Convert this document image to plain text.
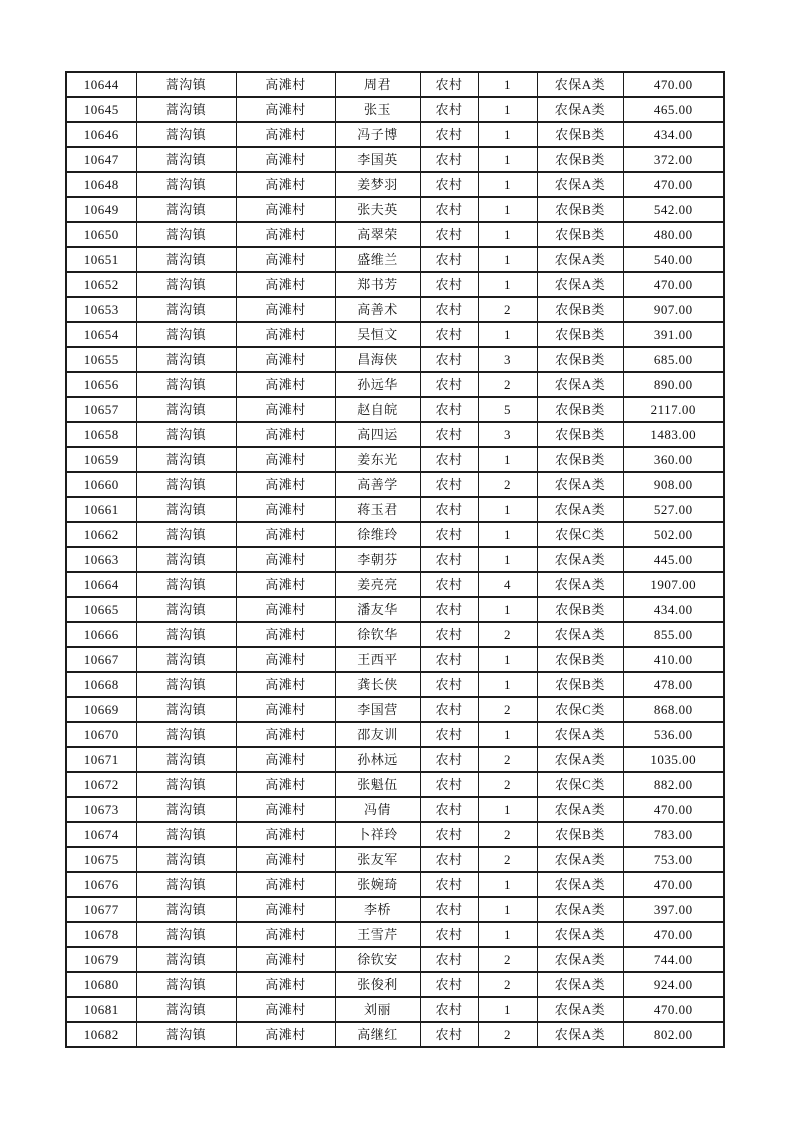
10644	蒿沟镇	高滩村	周君	农村	1	农保A类	470.00
10645	蒿沟镇	高滩村	张玉	农村	1	农保A类	465.00
10646	蒿沟镇	高滩村	冯子博	农村	1	农保B类	434.00
10647	蒿沟镇	高滩村	李国英	农村	1	农保B类	372.00
10648	蒿沟镇	高滩村	姜梦羽	农村	1	农保A类	470.00
10649	蒿沟镇	高滩村	张夫英	农村	1	农保B类	542.00
10650	蒿沟镇	高滩村	高翠荣	农村	1	农保B类	480.00
10651	蒿沟镇	高滩村	盛维兰	农村	1	农保A类	540.00
10652	蒿沟镇	高滩村	郑书芳	农村	1	农保A类	470.00
10653	蒿沟镇	高滩村	高善术	农村	2	农保B类	907.00
10654	蒿沟镇	高滩村	吴恒文	农村	1	农保B类	391.00
10655	蒿沟镇	高滩村	昌海侠	农村	3	农保B类	685.00
10656	蒿沟镇	高滩村	孙远华	农村	2	农保A类	890.00
10657	蒿沟镇	高滩村	赵自皖	农村	5	农保B类	2117.00
10658	蒿沟镇	高滩村	高四运	农村	3	农保B类	1483.00
10659	蒿沟镇	高滩村	姜东光	农村	1	农保B类	360.00
10660	蒿沟镇	高滩村	高善学	农村	2	农保A类	908.00
10661	蒿沟镇	高滩村	蒋玉君	农村	1	农保A类	527.00
10662	蒿沟镇	高滩村	徐维玲	农村	1	农保C类	502.00
10663	蒿沟镇	高滩村	李朝芬	农村	1	农保A类	445.00
10664	蒿沟镇	高滩村	姜亮亮	农村	4	农保A类	1907.00
10665	蒿沟镇	高滩村	潘友华	农村	1	农保B类	434.00
10666	蒿沟镇	高滩村	徐钦华	农村	2	农保A类	855.00
10667	蒿沟镇	高滩村	王西平	农村	1	农保B类	410.00
10668	蒿沟镇	高滩村	龚长侠	农村	1	农保B类	478.00
10669	蒿沟镇	高滩村	李国营	农村	2	农保C类	868.00
10670	蒿沟镇	高滩村	邵友训	农村	1	农保A类	536.00
10671	蒿沟镇	高滩村	孙林远	农村	2	农保A类	1035.00
10672	蒿沟镇	高滩村	张魁伍	农村	2	农保C类	882.00
10673	蒿沟镇	高滩村	冯倩	农村	1	农保A类	470.00
10674	蒿沟镇	高滩村	卜祥玲	农村	2	农保B类	783.00
10675	蒿沟镇	高滩村	张友军	农村	2	农保A类	753.00
10676	蒿沟镇	高滩村	张婉琦	农村	1	农保A类	470.00
10677	蒿沟镇	高滩村	李桥	农村	1	农保A类	397.00
10678	蒿沟镇	高滩村	王雪芹	农村	1	农保A类	470.00
10679	蒿沟镇	高滩村	徐钦安	农村	2	农保A类	744.00
10680	蒿沟镇	高滩村	张俊利	农村	2	农保A类	924.00
10681	蒿沟镇	高滩村	刘丽	农村	1	农保A类	470.00
10682	蒿沟镇	高滩村	高继红	农村	2	农保A类	802.00
